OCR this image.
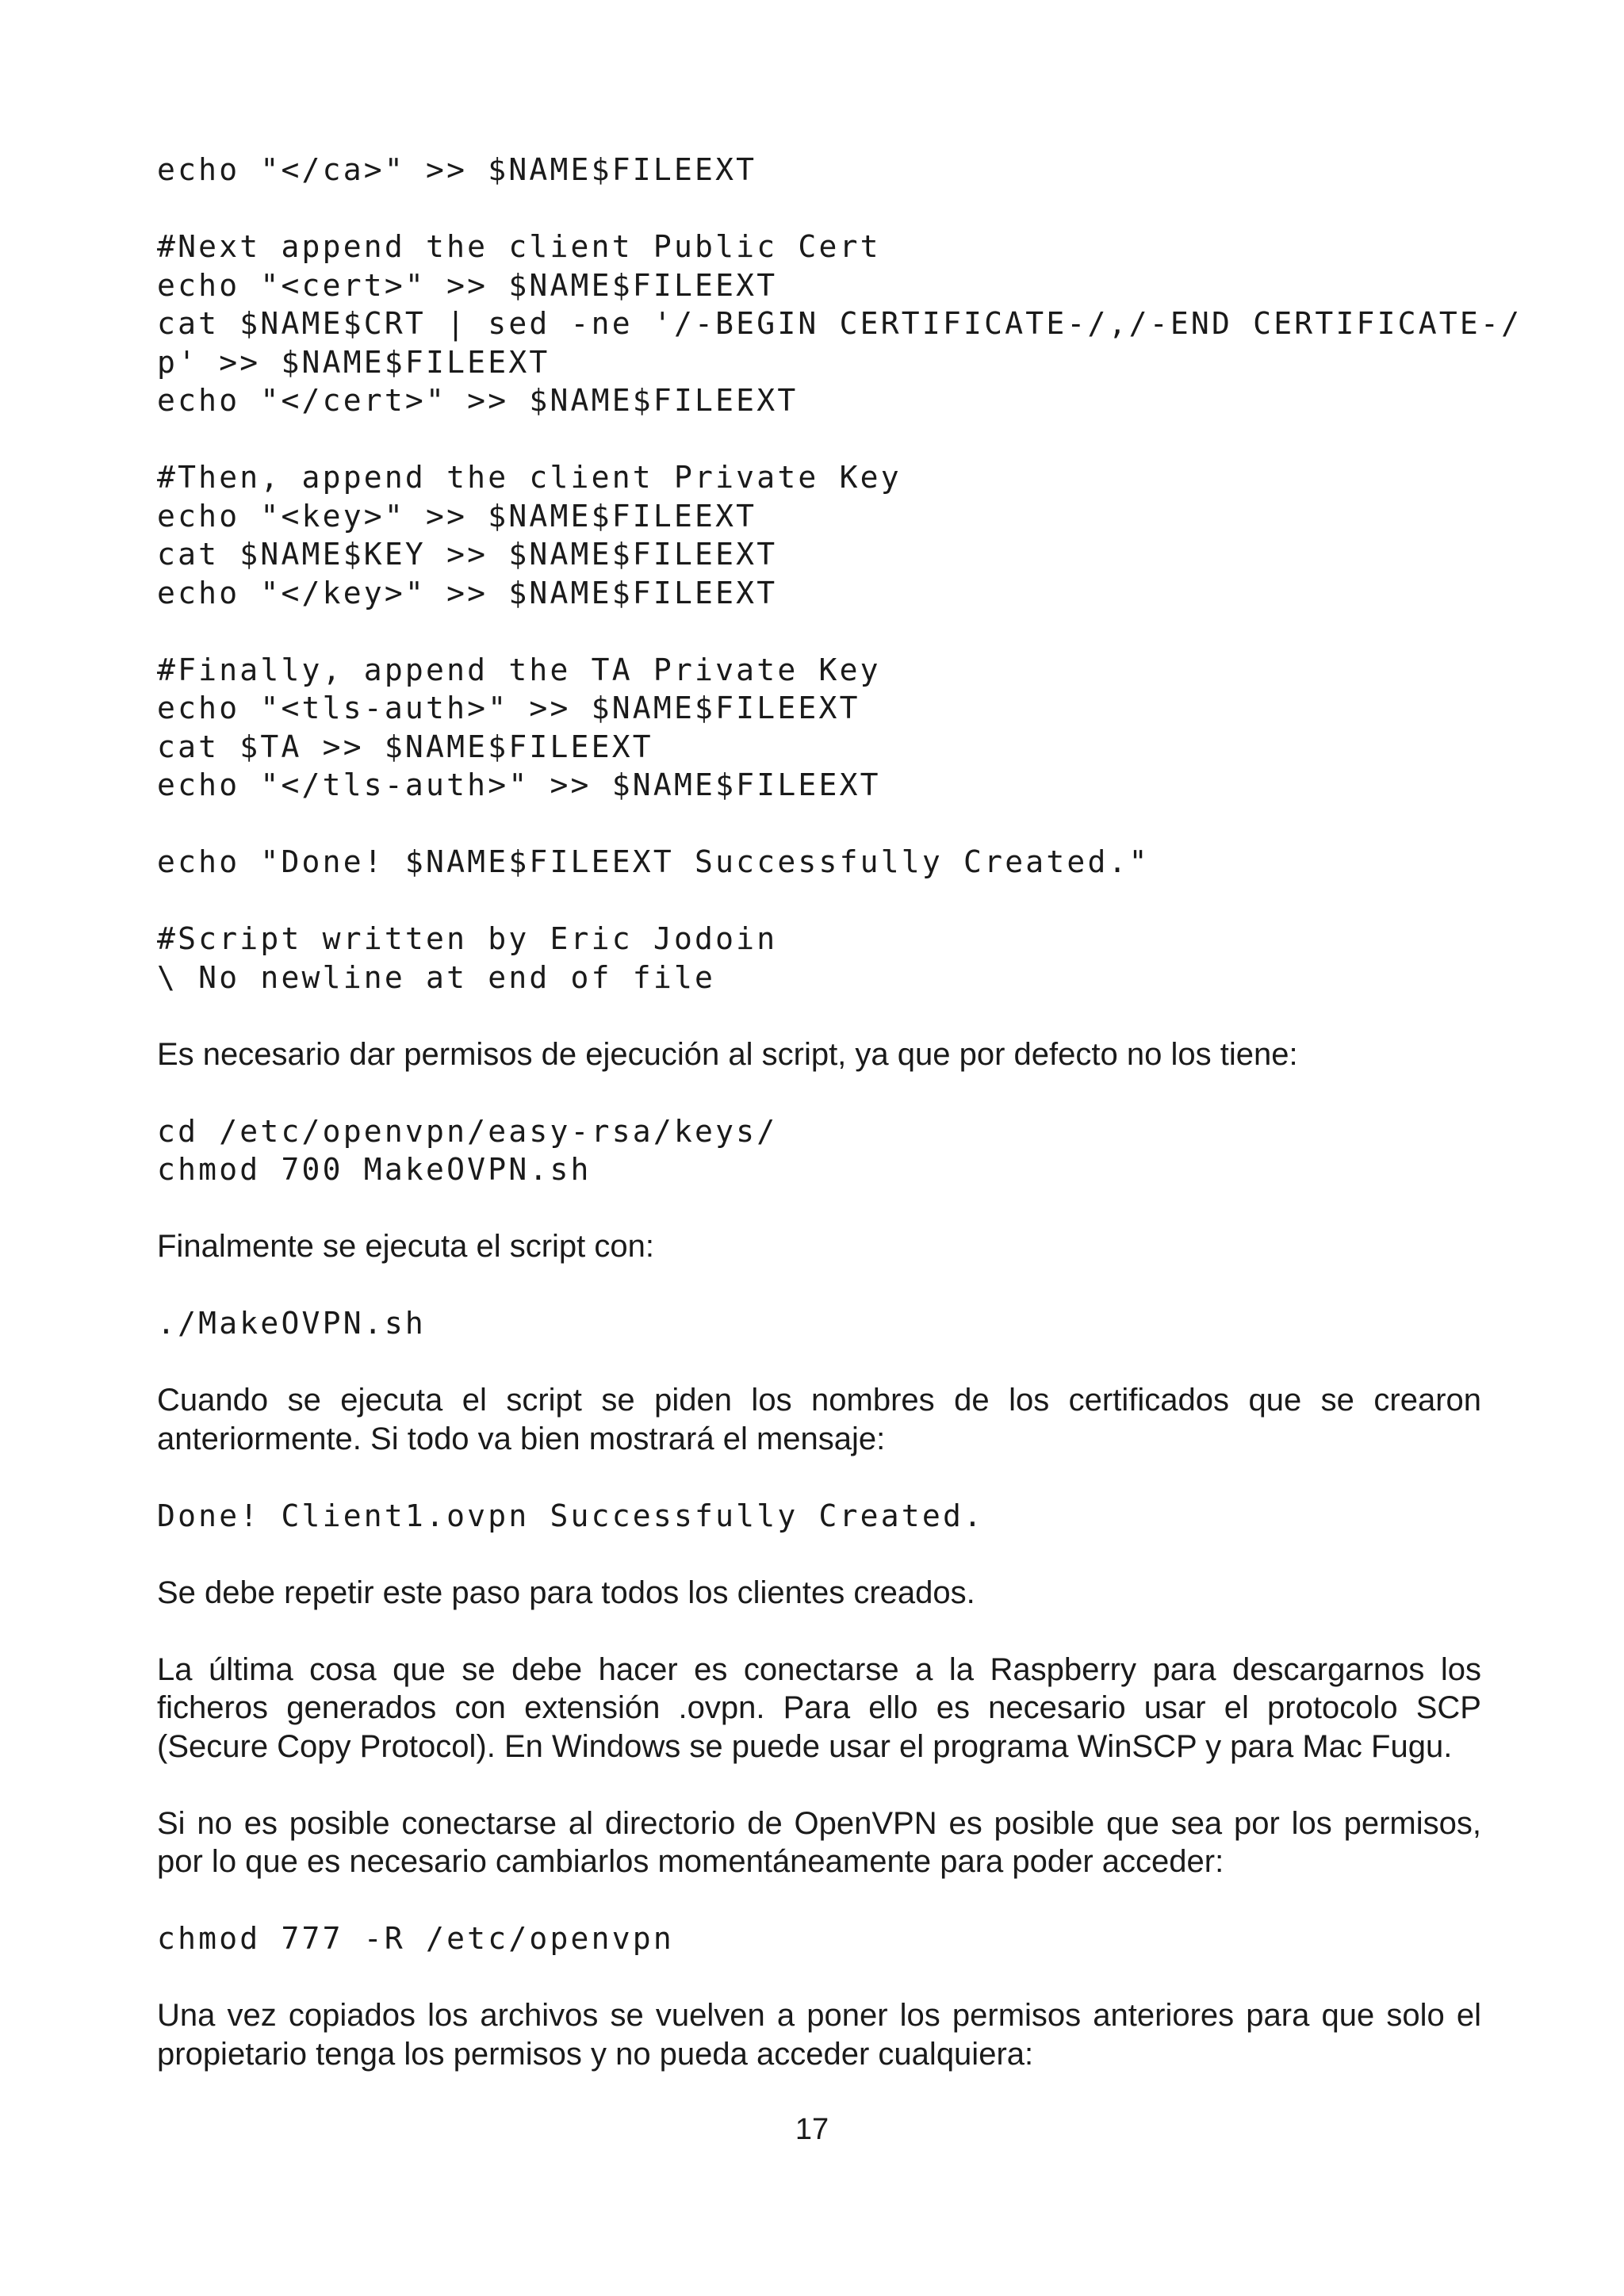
echo "</ca>" >> $NAME$FILEEXT

#Next append the client Public Cert
echo "<cert>" >> $NAME$FILEEXT
cat $NAME$CRT | sed -ne '/-BEGIN CERTIFICATE-/,/-END CERTIFICATE-/
p' >> $NAME$FILEEXT
echo "</cert>" >> $NAME$FILEEXT

#Then, append the client Private Key
echo "<key>" >> $NAME$FILEEXT
cat $NAME$KEY >> $NAME$FILEEXT
echo "</key>" >> $NAME$FILEEXT

#Finally, append the TA Private Key
echo "<tls-auth>" >> $NAME$FILEEXT
cat $TA >> $NAME$FILEEXT
echo "</tls-auth>" >> $NAME$FILEEXT

echo "Done! $NAME$FILEEXT Successfully Created."

#Script written by Eric Jodoin
\ No newline at end of file

Es necesario dar permisos de ejecución al script, ya que por defecto no los tiene:

cd /etc/openvpn/easy-rsa/keys/
chmod 700 MakeOVPN.sh

Finalmente se ejecuta el script con:

./MakeOVPN.sh

Cuando se ejecuta el script se piden los nombres de los certificados que se crearon anteriormente. Si todo va bien mostrará el mensaje:

Done! Client1.ovpn Successfully Created.

Se debe repetir este paso para todos los clientes creados.

La última cosa que se debe hacer es conectarse a la Raspberry para descargarnos los ficheros generados con extensión .ovpn. Para ello es necesario usar el protocolo SCP (Secure Copy Protocol). En Windows se puede usar el programa WinSCP y para Mac Fugu.

Si no es posible conectarse al directorio de OpenVPN es posible que sea por los permisos, por lo que es necesario cambiarlos momentáneamente para poder acceder:

chmod 777 -R /etc/openvpn

Una vez copiados los archivos se vuelven a poner los permisos anteriores para que solo el propietario tenga los permisos y no pueda acceder cualquiera:

17
